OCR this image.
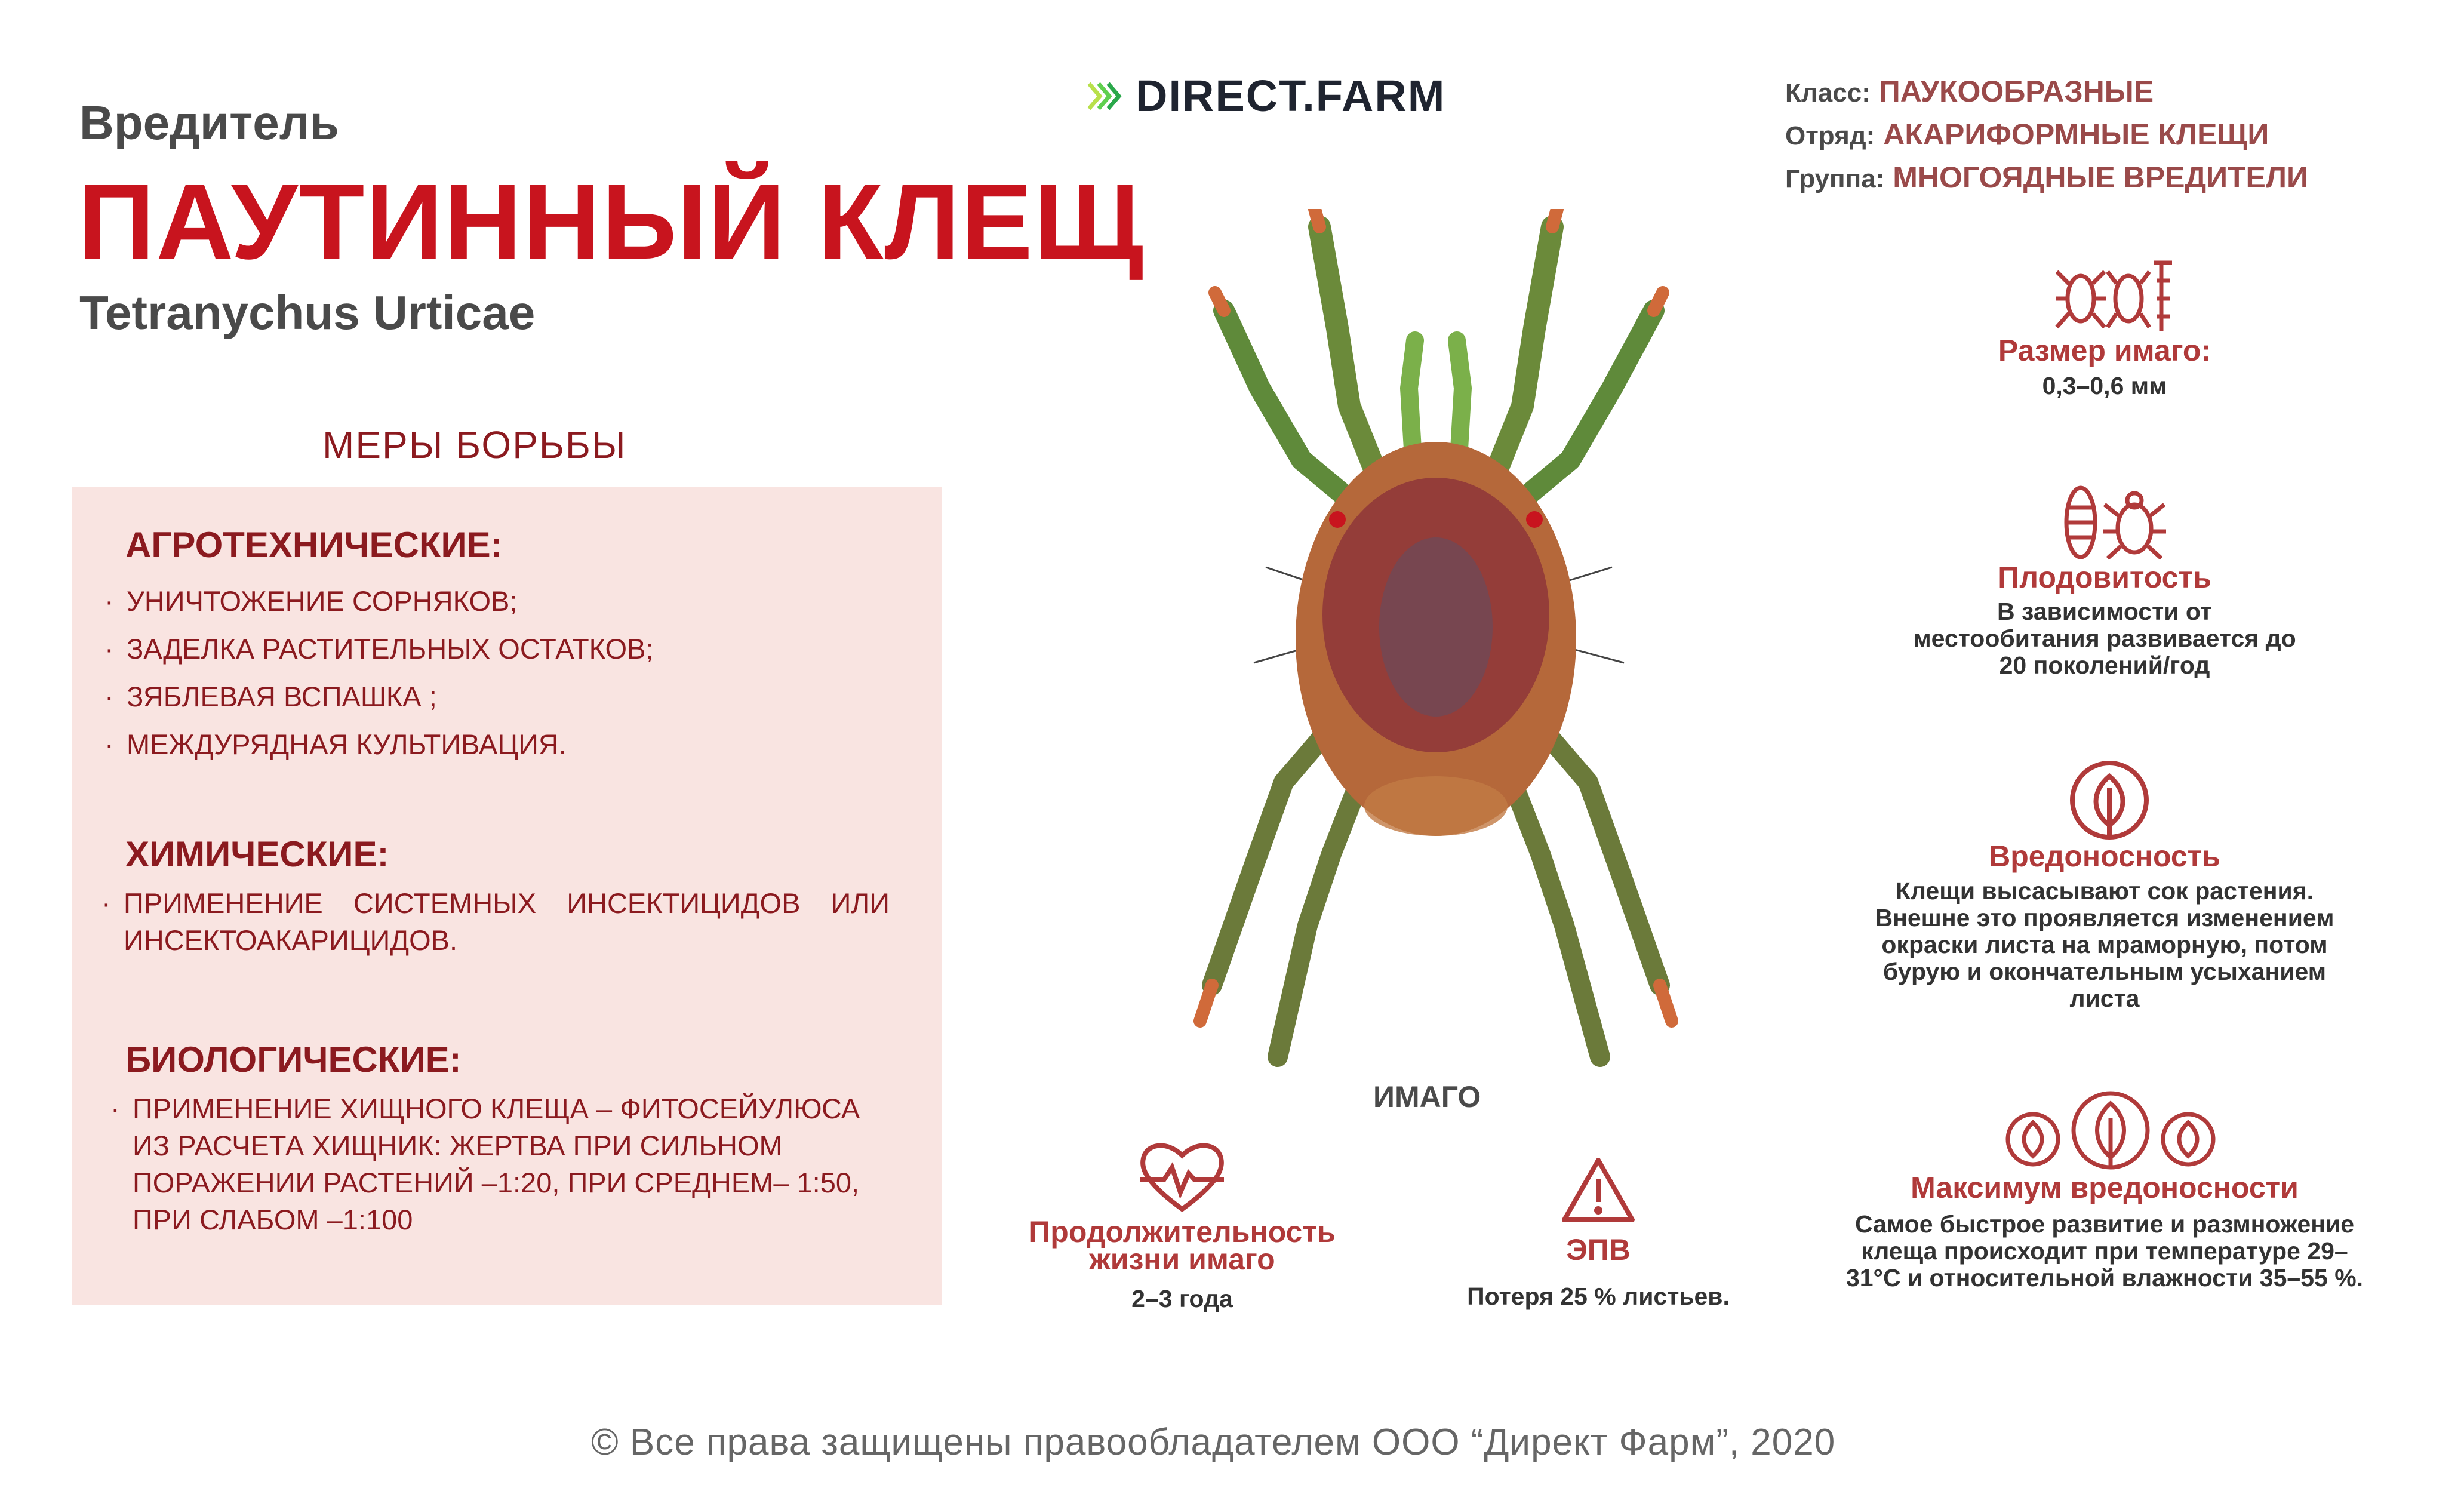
Вредитель
ПАУТИННЫЙ КЛЕЩ
Tetranychus Urticae
DIRECT.FARM	Класс: ПАУКООБРАЗНЫЕ
Отряд: АКАРИФОРМНЫЕ КЛЕЩИ
Группа: МНОГОЯДНЫЕ ВРЕДИТЕЛИ
МЕРЫ БОРЬБЫ
АГРОТЕХНИЧЕСКИЕ:
· УНИЧТОЖЕНИЕ СОРНЯКОВ;
· ЗАДЕЛКА РАСТИТЕЛЬНЫХ ОСТАТКОВ;
· ЗЯБЛЕВАЯ ВСПАШКА ;
· МЕЖДУРЯДНАЯ КУЛЬТИВАЦИЯ.
ХИМИЧЕСКИЕ:
· ПРИМЕНЕНИЕ СИСТЕМНЫХ ИНСЕКТИЦИДОВ ИЛИ ИНСЕКТОАКАРИЦИДОВ.
БИОЛОГИЧЕСКИЕ:
· ПРИМЕНЕНИЕ ХИЩНОГО КЛЕЩА – ФИТОСЕЙУЛЮСА ИЗ РАСЧЕТА ХИЩНИК: ЖЕРТВА ПРИ СИЛЬНОМ ПОРАЖЕНИИ РАСТЕНИЙ –1:20, ПРИ СРЕДНЕМ– 1:50, ПРИ СЛАБОМ –1:100
ИМАГО
Размер имаго:
0,3–0,6 мм
Плодовитость
В зависимости от местообитания развивается до 20 поколений/год
Вредоносность
Клещи высасывают сок растения. Внешне это проявляется изменением окраски листа на мраморную, потом бурую и окончательным усыханием листа
Максимум вредоносности
Самое быстрое развитие и размножение клеща происходит при температуре 29–31°С и относительной влажности 35–55 %.
Продолжительность жизни имаго
2–3 года
ЭПВ
Потеря 25 % листьев.
© Все права защищены правообладателем ООО “Директ Фарм”, 2020
